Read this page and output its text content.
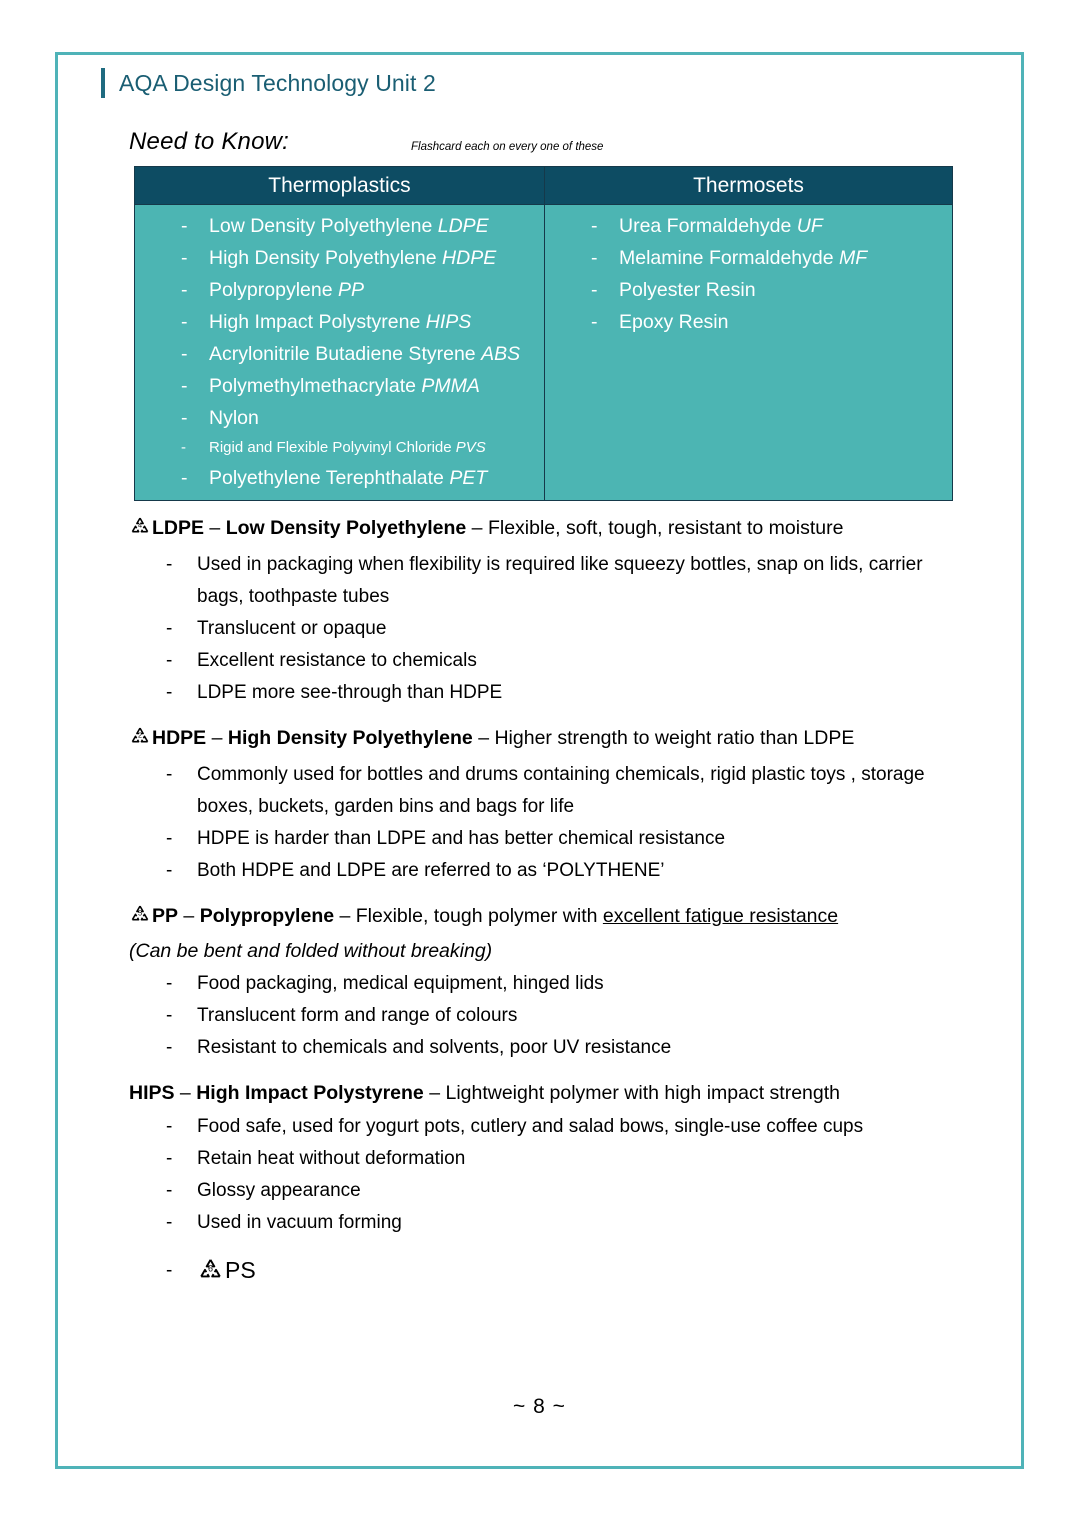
AQA Design Technology Unit 2
Need to Know:	Flashcard each on every one of these
Thermoplastics	Thermosets

- Low Density Polyethylene LDPE
- High Density Polyethylene HDPE
- Polypropylene PP
- High Impact Polystyrene HIPS
- Acrylonitrile Butadiene Styrene ABS
- Polymethylmethacrylate PMMA
- Nylon
- Rigid and Flexible Polyvinyl Chloride PVS
- Polyethylene Terephthalate PET

- Urea Formaldehyde UF
- Melamine Formaldehyde MF
- Polyester Resin
- Epoxy Resin

4 LDPE – Low Density Polyethylene – Flexible, soft, tough, resistant to moisture

- Used in packaging when flexibility is required like squeezy bottles, snap on lids, carrier bags, toothpaste tubes
- Translucent or opaque
- Excellent resistance to chemicals
- LDPE more see-through than HDPE

2 HDPE – High Density Polyethylene – Higher strength to weight ratio than LDPE

- Commonly used for bottles and drums containing chemicals, rigid plastic toys , storage boxes, buckets, garden bins and bags for life
- HDPE is harder than LDPE and has better chemical resistance
- Both HDPE and LDPE are referred to as ‘POLYTHENE’

5 PP – Polypropylene – Flexible, tough polymer with excellent fatigue resistance

(Can be bent and folded without breaking)

- Food packaging, medical equipment, hinged lids
- Translucent form and range of colours
- Resistant to chemicals and solvents, poor UV resistance

HIPS – High Impact Polystyrene – Lightweight polymer with high impact strength

- Food safe, used for yogurt pots, cutlery and salad bows, single-use coffee cups
- Retain heat without deformation
- Glossy appearance
- Used in vacuum forming
- 6 PS
~ 8 ~
